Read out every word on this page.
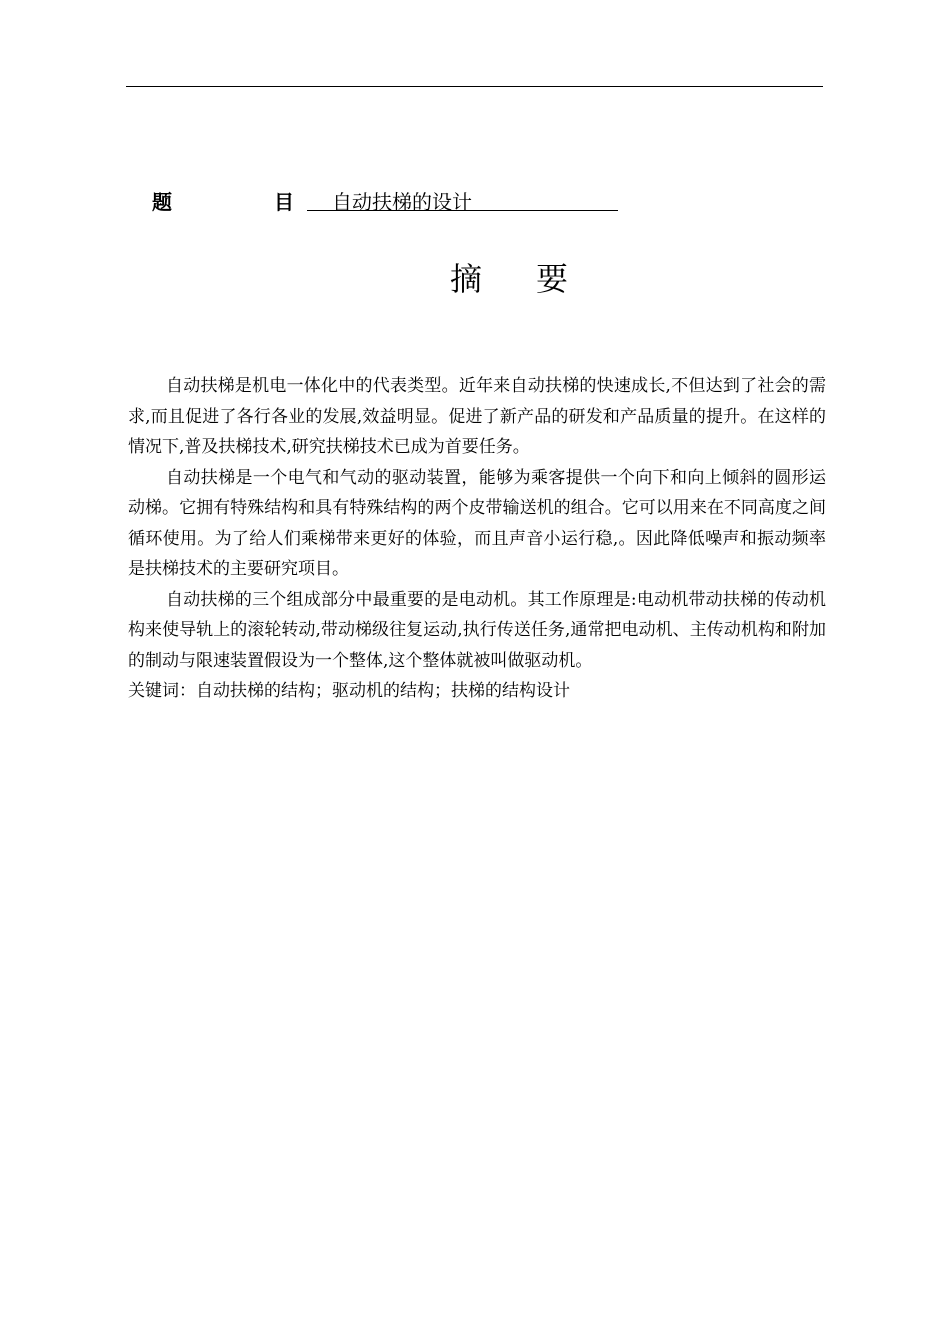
题	目 自动扶梯的设计
摘 要

自动扶梯是机电一体化中的代表类型。近年来自动扶梯的快速成长,不但达到了社会的需求,而且促进了各行各业的发展,效益明显。促进了新产品的研发和产品质量的提升。在这样的情况下,普及扶梯技术,研究扶梯技术已成为首要任务。

自动扶梯是一个电气和气动的驱动装置，能够为乘客提供一个向下和向上倾斜的圆形运动梯。它拥有特殊结构和具有特殊结构的两个皮带输送机的组合。它可以用来在不同高度之间循环使用。为了给人们乘梯带来更好的体验，而且声音小运行稳,。因此降低噪声和振动频率是扶梯技术的主要研究项目。

自动扶梯的三个组成部分中最重要的是电动机。其工作原理是:电动机带动扶梯的传动机构来使导轨上的滚轮转动,带动梯级往复运动,执行传送任务,通常把电动机、主传动机构和附加的制动与限速装置假设为一个整体,这个整体就被叫做驱动机。

关键词：自动扶梯的结构；驱动机的结构；扶梯的结构设计
